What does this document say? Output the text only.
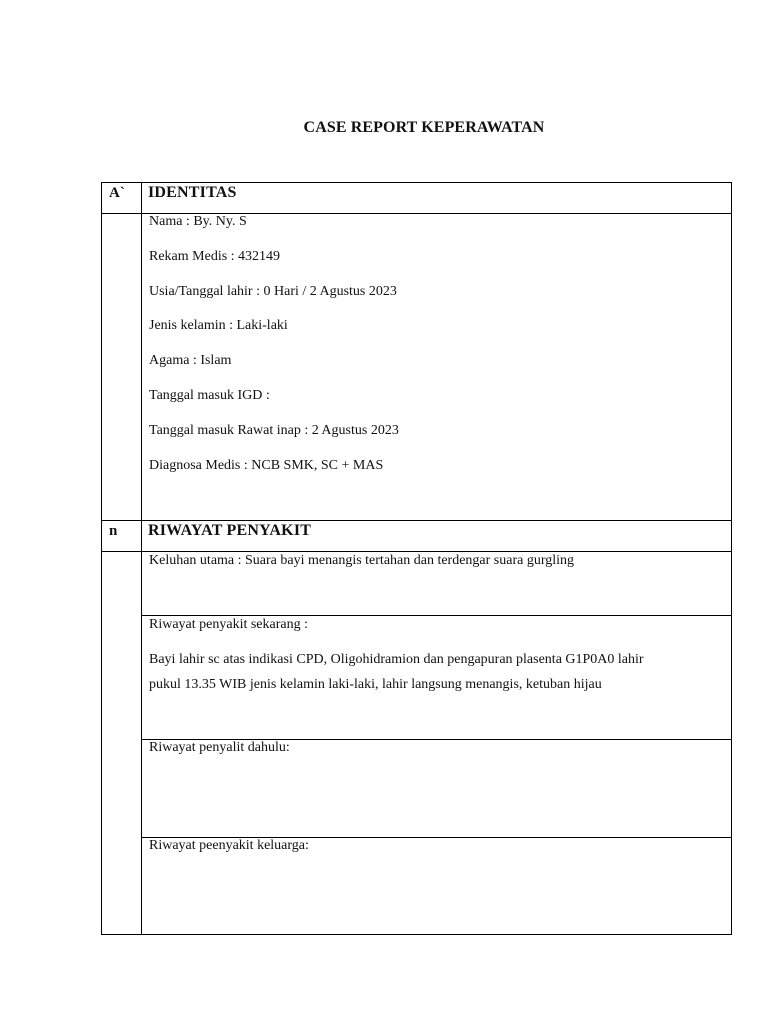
CASE REPORT KEPERAWATAN
A` IDENTITAS
Nama : By. Ny. S
Rekam Medis : 432149
Usia/Tanggal lahir : 0 Hari / 2 Agustus 2023
Jenis kelamin : Laki-laki
Agama : Islam
Tanggal masuk IGD :
Tanggal masuk Rawat inap : 2 Agustus 2023
Diagnosa Medis : NCB SMK, SC + MAS
n RIWAYAT PENYAKIT
Keluhan utama : Suara bayi menangis tertahan dan terdengar suara gurgling
Riwayat penyakit sekarang :
Bayi lahir sc atas indikasi CPD, Oligohidramion dan pengapuran plasenta G1P0A0 lahir
pukul 13.35 WIB jenis kelamin laki-laki, lahir langsung menangis, ketuban hijau
Riwayat penyalit dahulu:
Riwayat peenyakit keluarga:
